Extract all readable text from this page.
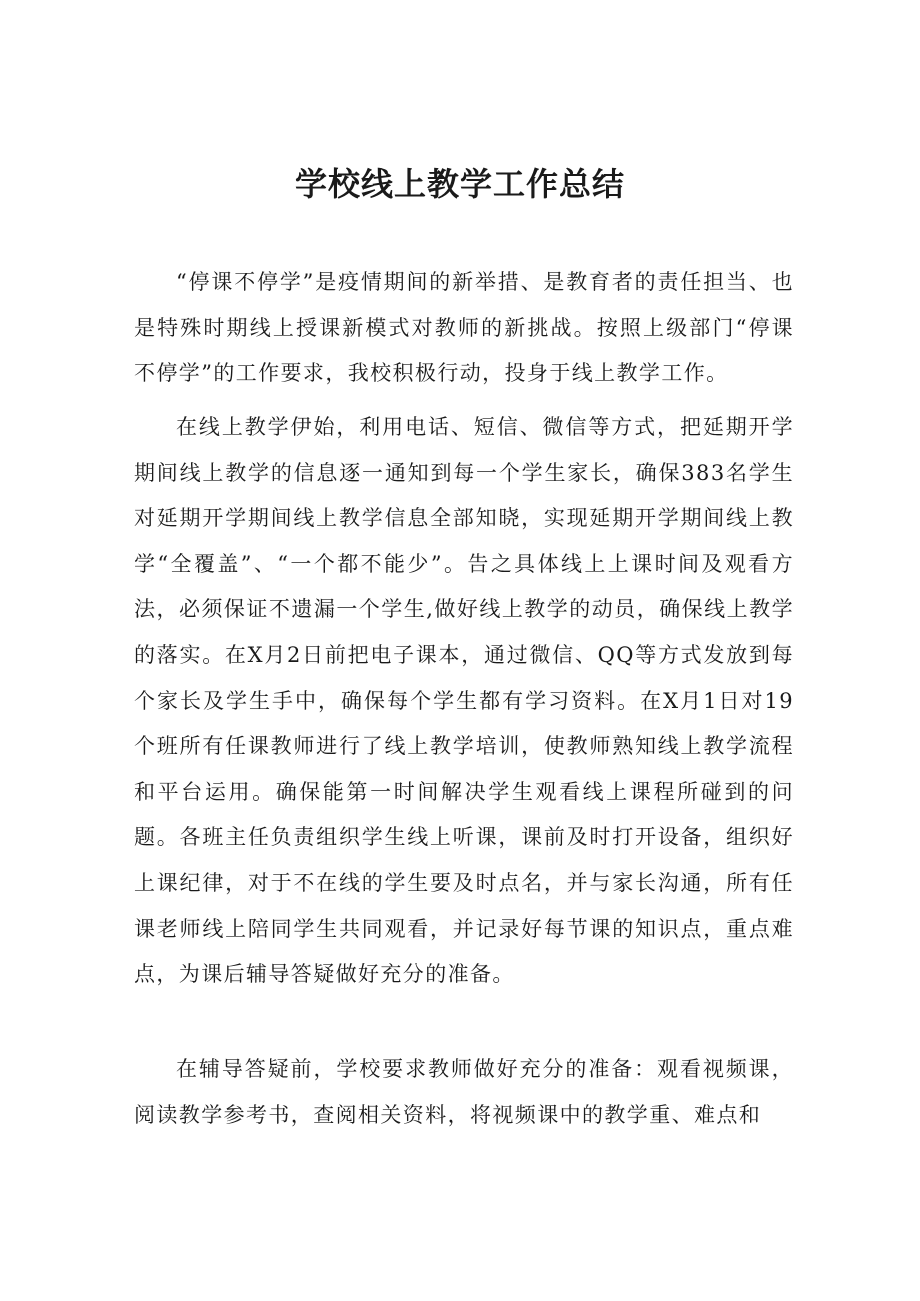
学校线上教学工作总结

“停课不停学”是疫情期间的新举措、是教育者的责任担当、也是特殊时期线上授课新模式对教师的新挑战。按照上级部门“停课不停学”的工作要求，我校积极行动，投身于线上教学工作。

在线上教学伊始，利用电话、短信、微信等方式，把延期开学期间线上教学的信息逐一通知到每一个学生家长，确保383名学生对延期开学期间线上教学信息全部知晓，实现延期开学期间线上教学“全覆盖”、“一个都不能少”。告之具体线上上课时间及观看方法，必须保证不遗漏一个学生,做好线上教学的动员，确保线上教学的落实。在X月2日前把电子课本，通过微信、QQ等方式发放到每个家长及学生手中，确保每个学生都有学习资料。在X月1日对19个班所有任课教师进行了线上教学培训，使教师熟知线上教学流程和平台运用。确保能第一时间解决学生观看线上课程所碰到的问题。各班主任负责组织学生线上听课，课前及时打开设备，组织好上课纪律，对于不在线的学生要及时点名，并与家长沟通，所有任课老师线上陪同学生共同观看，并记录好每节课的知识点，重点难点，为课后辅导答疑做好充分的准备。

在辅导答疑前，学校要求教师做好充分的准备：观看视频课，阅读教学参考书，查阅相关资料，将视频课中的教学重、难点和
